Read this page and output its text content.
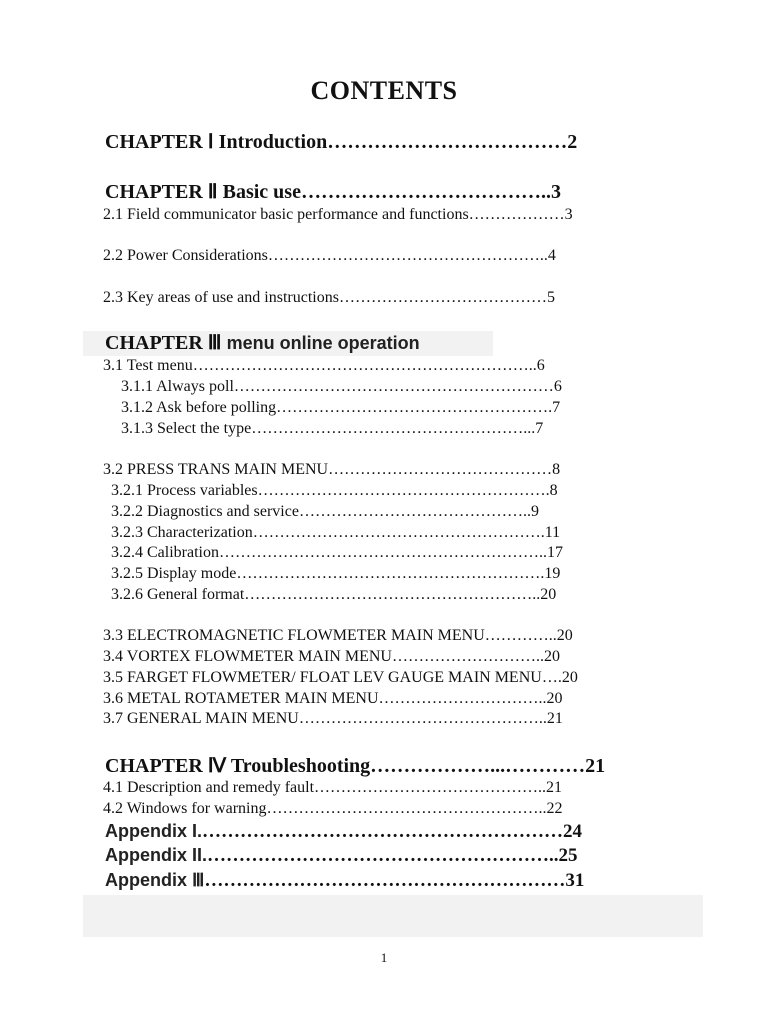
CONTENTS
CHAPTER Ⅰ Introduction………………………………2
CHAPTER Ⅱ Basic use………………………………..3
2.1 Field communicator basic performance and functions………………3
2.2 Power Considerations……………………………………………..4
2.3 Key areas of use and instructions…………………………………5
CHAPTER Ⅲ menu online operation
3.1 Test menu………………………………………………………..6
3.1.1 Always poll……………………………………………………6
3.1.2 Ask before polling…………………………………………….7
3.1.3 Select the type……………………………………………...7
3.2 PRESS TRANS MAIN MENU……………………………………8
3.2.1 Process variables……………………………………………….8
3.2.2 Diagnostics and service……………………………………..9
3.2.3 Characterization……………………………………………….11
3.2.4 Calibration……………………………………………………..17
3.2.5 Display mode………………………………………………….19
3.2.6 General format………………………………………………..20
3.3 ELECTROMAGNETIC FLOWMETER MAIN MENU…………..20
3.4 VORTEX FLOWMETER MAIN MENU………………………..20
3.5 FARGET FLOWMETER/ FLOAT LEV GAUGE MAIN MENU….20
3.6 METAL ROTAMETER MAIN MENU…………………………..20
3.7 GENERAL MAIN MENU………………………………………..21
CHAPTER Ⅳ Troubleshooting………………...…………21
4.1 Description and remedy fault……………………………………..21
4.2 Windows for warning……………………………………………..22
Appendix I.…………………………………………………24
Appendix II.………………………………………………..25
Appendix Ⅲ…………………………………………………31
1
